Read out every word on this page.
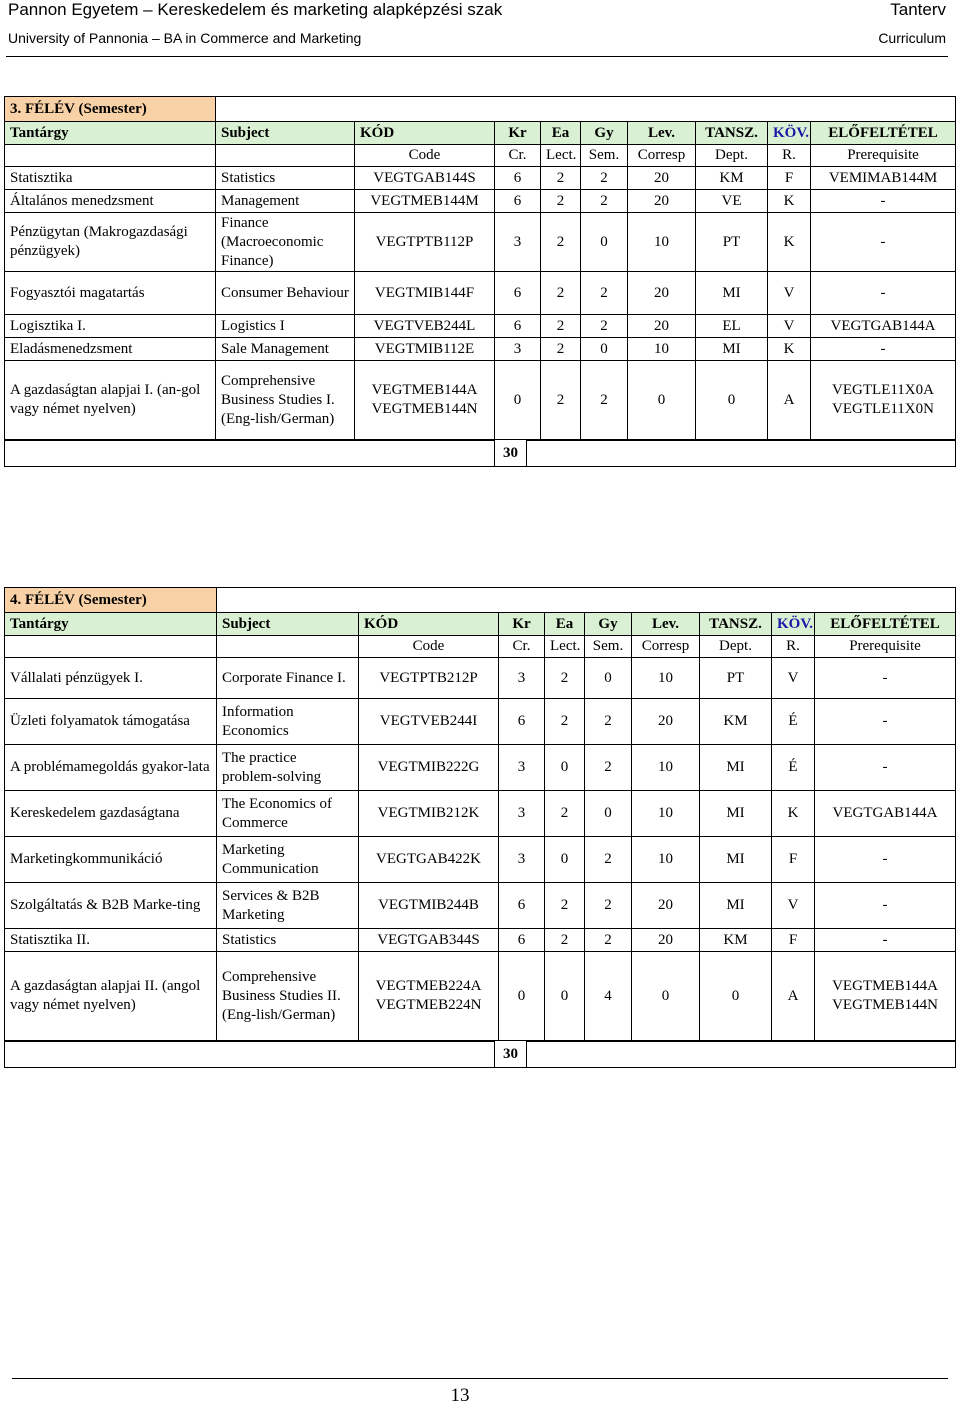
Pannon Egyetem – Kereskedelem és marketing alapképzési szak	Tanterv
University of Pannonia – BA in Commerce and Marketing	Curriculum
3. FÉLÉV (Semester)									
Tantárgy	Subject	KÓD	Kr	Ea	Gy	Lev.	TANSZ.	KÖV.	ELŐFELTÉTEL
		Code	Cr.	Lect.	Sem.	Corresp	Dept.	R.	Prerequisite
Statisztika	Statistics	VEGTGAB144S	6	2	2	20	KM	F	VEMIMAB144M
Általános menedzsment	Management	VEGTMEB144M	6	2	2	20	VE	K	-
Pénzügytan (Makrogazdasági pénzügyek)	Finance (Macroeconomic Finance)	VEGTPTB112P	3	2	0	10	PT	K	-
Fogyasztói magatartás	Consumer Behaviour	VEGTMIB144F	6	2	2	20	MI	V	-
Logisztika I.	Logistics I	VEGTVEB244L	6	2	2	20	EL	V	VEGTGAB144A
Eladásmenedzsment	Sale Management	VEGTMIB112E	3	2	0	10	MI	K	-
A gazdaságtan alapjai I. (an-gol vagy német nyelven)	Comprehensive Business Studies I. (Eng-lish/German)	VEGTMEB144A VEGTMEB144N	0	2	2	0	0	A	VEGTLE11X0A VEGTLE11X0N
	30	
4. FÉLÉV (Semester)									
Tantárgy	Subject	KÓD	Kr	Ea	Gy	Lev.	TANSZ.	KÖV.	ELŐFELTÉTEL
		Code	Cr.	Lect.	Sem.	Corresp	Dept.	R.	Prerequisite
Vállalati pénzügyek I.	Corporate Finance I.	VEGTPTB212P	3	2	0	10	PT	V	-
Üzleti folyamatok támogatása	Information Economics	VEGTVEB244I	6	2	2	20	KM	É	-
A problémamegoldás gyakor-lata	The practice problem-solving	VEGTMIB222G	3	0	2	10	MI	É	-
Kereskedelem gazdaságtana	The Economics of Commerce	VEGTMIB212K	3	2	0	10	MI	K	VEGTGAB144A
Marketingkommunikáció	Marketing Communication	VEGTGAB422K	3	0	2	10	MI	F	-
Szolgáltatás & B2B Marke-ting	Services & B2B Marketing	VEGTMIB244B	6	2	2	20	MI	V	-
Statisztika II.	Statistics	VEGTGAB344S	6	2	2	20	KM	F	-
A gazdaságtan alapjai II. (angol vagy német nyelven)	Comprehensive Business Studies II. (Eng-lish/German)	VEGTMEB224A VEGTMEB224N	0	0	4	0	0	A	VEGTMEB144A VEGTMEB144N
	30	
13
